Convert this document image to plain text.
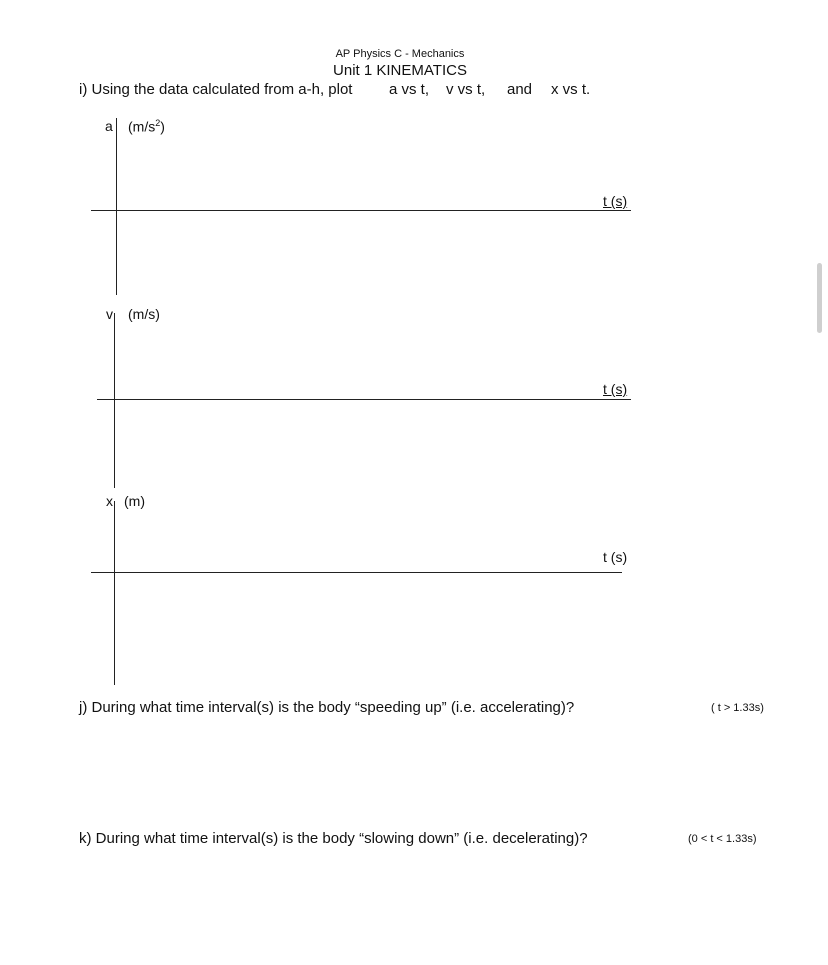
AP Physics C - Mechanics
Unit 1 KINEMATICS
i) Using the data calculated from a-h, plot a vs t, v vs t, and x vs t.
a $(m/s^2)$
t (s)
v (m/s)
t (s)
x (m)
t (s)
j) During what time interval(s) is the body “speeding up” (i.e. accelerating)?	( t > 1.33s)
k) During what time interval(s) is the body “slowing down” (i.e. decelerating)?	(0 < t < 1.33s)
